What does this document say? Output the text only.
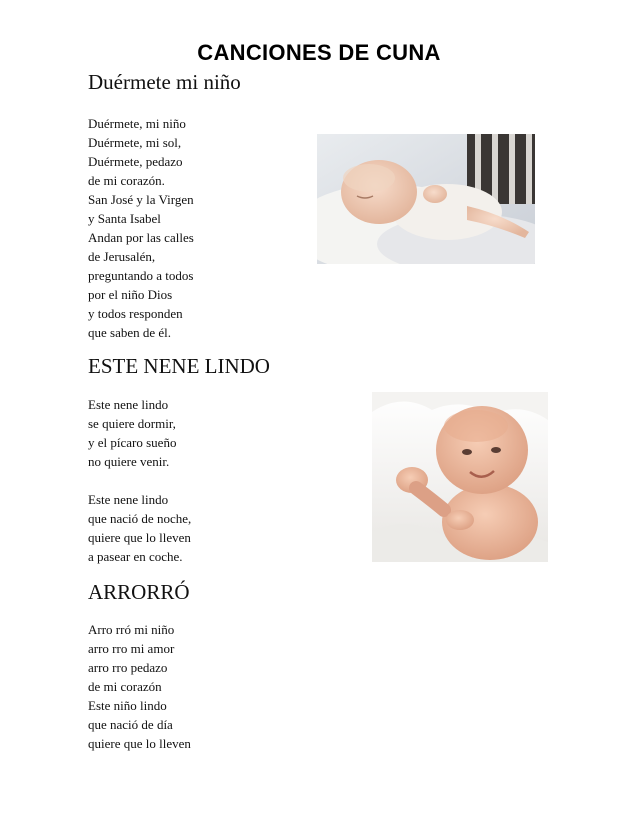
CANCIONES DE CUNA
Duérmete mi niño
Duérmete, mi niño
Duérmete, mi sol,
Duérmete, pedazo
de mi corazón.
San José y la Virgen
y Santa Isabel
Andan por las calles
de Jerusalén,
preguntando a todos
por el niño Dios
y todos responden
que saben de él.
ESTE NENE LINDO
Este nene lindo
se quiere dormir,
y el pícaro sueño
no quiere venir.
Este nene lindo
que nació de noche,
quiere que lo lleven
a pasear en coche.
ARRORRÓ
Arro rró mi niño
arro rro mi amor
arro rro pedazo
de mi corazón
Este niño lindo
que nació de día
quiere que lo lleven
